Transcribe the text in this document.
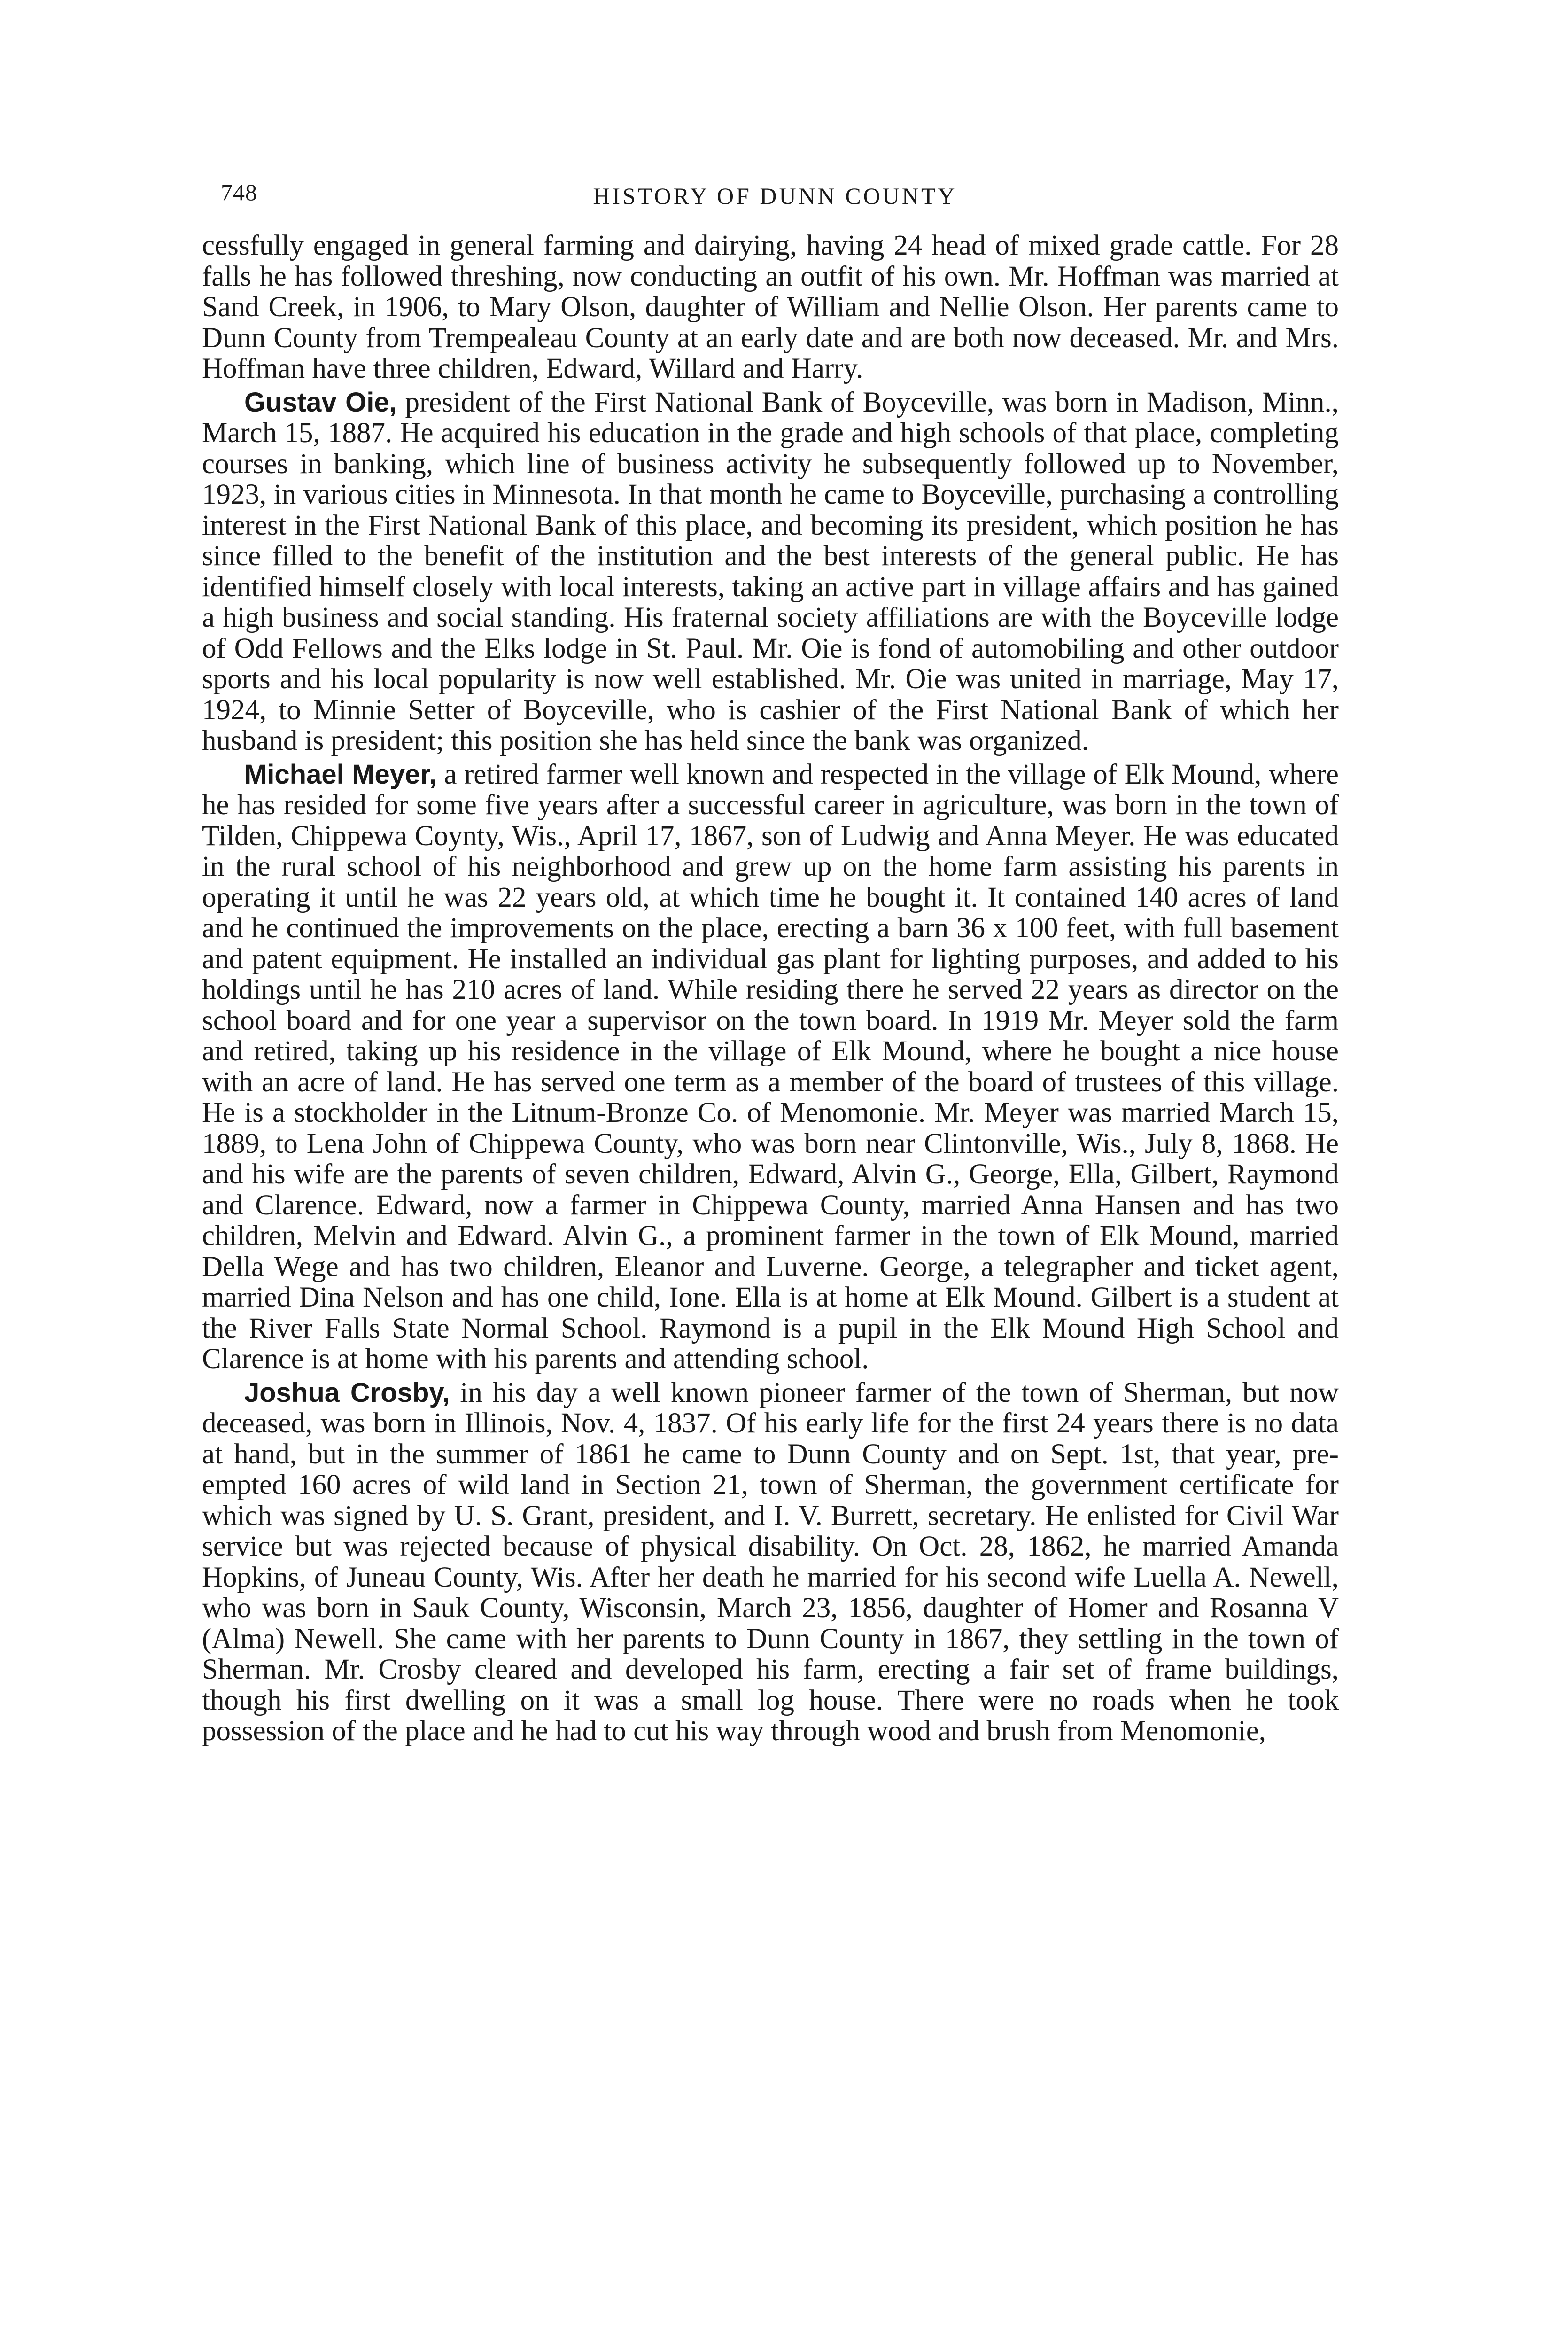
748	HISTORY OF DUNN COUNTY

cessfully engaged in general farming and dairying, having 24 head of mixed grade cattle. For 28 falls he has followed threshing, now conducting an outfit of his own. Mr. Hoffman was married at Sand Creek, in 1906, to Mary Olson, daughter of William and Nellie Olson. Her parents came to Dunn County from Trempealeau County at an early date and are both now deceased. Mr. and Mrs. Hoffman have three children, Edward, Willard and Harry.

Gustav Oie, president of the First National Bank of Boyceville, was born in Madison, Minn., March 15, 1887. He acquired his education in the grade and high schools of that place, completing courses in banking, which line of business activity he subsequently followed up to November, 1923, in various cities in Minnesota. In that month he came to Boyceville, purchasing a controlling interest in the First National Bank of this place, and becoming its president, which position he has since filled to the benefit of the institution and the best interests of the general public. He has identified himself closely with local interests, taking an active part in village affairs and has gained a high business and social standing. His fraternal society affiliations are with the Boyceville lodge of Odd Fellows and the Elks lodge in St. Paul. Mr. Oie is fond of automobiling and other outdoor sports and his local popularity is now well established. Mr. Oie was united in marriage, May 17, 1924, to Minnie Setter of Boyceville, who is cashier of the First National Bank of which her husband is president; this position she has held since the bank was organized.

Michael Meyer, a retired farmer well known and respected in the village of Elk Mound, where he has resided for some five years after a successful career in agriculture, was born in the town of Tilden, Chippewa Coynty, Wis., April 17, 1867, son of Ludwig and Anna Meyer. He was educated in the rural school of his neighborhood and grew up on the home farm assisting his parents in operating it until he was 22 years old, at which time he bought it. It contained 140 acres of land and he continued the improvements on the place, erecting a barn 36 x 100 feet, with full basement and patent equipment. He installed an individual gas plant for lighting purposes, and added to his holdings until he has 210 acres of land. While residing there he served 22 years as director on the school board and for one year a supervisor on the town board. In 1919 Mr. Meyer sold the farm and retired, taking up his residence in the village of Elk Mound, where he bought a nice house with an acre of land. He has served one term as a member of the board of trustees of this village. He is a stockholder in the Litnum-Bronze Co. of Menomonie. Mr. Meyer was married March 15, 1889, to Lena John of Chippewa County, who was born near Clintonville, Wis., July 8, 1868. He and his wife are the parents of seven children, Edward, Alvin G., George, Ella, Gilbert, Raymond and Clarence. Edward, now a farmer in Chippewa County, married Anna Hansen and has two children, Melvin and Edward. Alvin G., a prominent farmer in the town of Elk Mound, married Della Wege and has two children, Eleanor and Luverne. George, a telegrapher and ticket agent, married Dina Nelson and has one child, Ione. Ella is at home at Elk Mound. Gilbert is a student at the River Falls State Normal School. Raymond is a pupil in the Elk Mound High School and Clarence is at home with his parents and attending school.

Joshua Crosby, in his day a well known pioneer farmer of the town of Sherman, but now deceased, was born in Illinois, Nov. 4, 1837. Of his early life for the first 24 years there is no data at hand, but in the summer of 1861 he came to Dunn County and on Sept. 1st, that year, pre-empted 160 acres of wild land in Section 21, town of Sherman, the government certificate for which was signed by U. S. Grant, president, and I. V. Burrett, secretary. He enlisted for Civil War service but was rejected because of physical disability. On Oct. 28, 1862, he married Amanda Hopkins, of Juneau County, Wis. After her death he married for his second wife Luella A. Newell, who was born in Sauk County, Wisconsin, March 23, 1856, daughter of Homer and Rosanna V (Alma) Newell. She came with her parents to Dunn County in 1867, they settling in the town of Sherman. Mr. Crosby cleared and developed his farm, erecting a fair set of frame buildings, though his first dwelling on it was a small log house. There were no roads when he took possession of the place and he had to cut his way through wood and brush from Menomonie,
